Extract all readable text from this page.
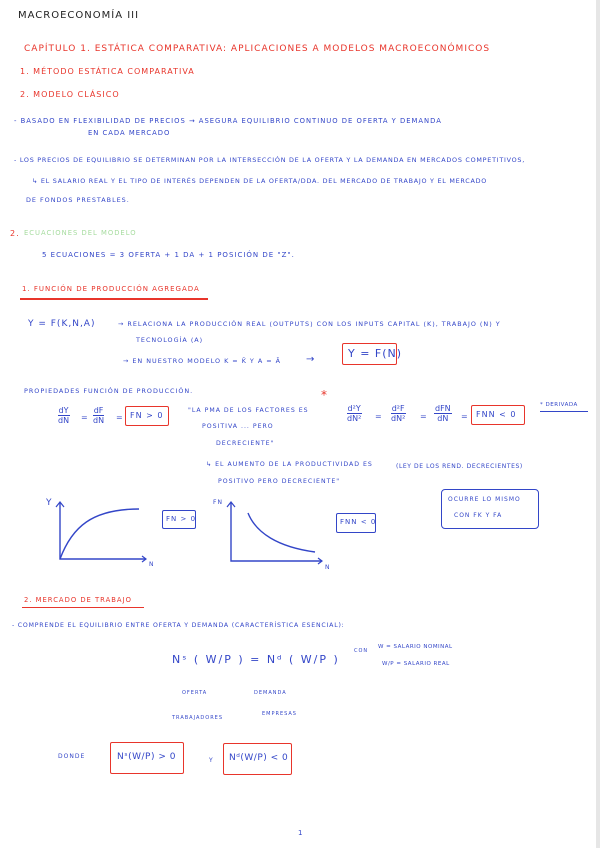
MACROECONOMÍA III
CAPÍTULO 1. ESTÁTICA COMPARATIVA: APLICACIONES A MODELOS MACROECONÓMICOS
1. MÉTODO ESTÁTICA COMPARATIVA
2. MODELO CLÁSICO
- BASADO EN FLEXIBILIDAD DE PRECIOS → ASEGURA EQUILIBRIO CONTINUO DE OFERTA Y DEMANDA
EN CADA MERCADO
- LOS PRECIOS DE EQUILIBRIO SE DETERMINAN POR LA INTERSECCIÓN DE LA OFERTA Y LA DEMANDA EN MERCADOS COMPETITIVOS,
↳ EL SALARIO REAL Y EL TIPO DE INTERÉS DEPENDEN DE LA OFERTA/DDA. DEL MERCADO DE TRABAJO Y EL MERCADO
DE FONDOS PRESTABLES.
2. ECUACIONES DEL MODELO
5 ECUACIONES = 3 OFERTA + 1 DA + 1 POSICIÓN DE "Z".
1. FUNCIÓN DE PRODUCCIÓN AGREGADA
Y = F(K,N,A)	→ RELACIONA LA PRODUCCIÓN REAL (OUTPUTS) CON LOS INPUTS CAPITAL (K), TRABAJO (N) Y
TECNOLOGÍA (A)
→ EN NUESTRO MODELO K = K̄ Y A = Ā →	Y = F(N)
PROPIEDADES FUNCIÓN DE PRODUCCIÓN.
$\frac{dY}{dN} = \frac{dF}{dN}$ = FN > 0
"LA PMA DE LOS FACTORES ES
POSITIVA ... PERO
DECRECIENTE"
*
$\frac{\text{d²Y}}{\text{dN²}} = \frac{\text{d²F}}{\text{dN²}}$ =
dFN
dN = FNN < 0
* DERIVADA
↳ EL AUMENTO DE LA PRODUCTIVIDAD ES
POSITIVO PERO DECRECIENTE"
(LEY DE LOS REND. DECRECIENTES)
Y
N
FN > 0
FN
N
FNN < 0
OCURRE LO MISMO
CON FK Y FA
2. MERCADO DE TRABAJO
- COMPRENDE EL EQUILIBRIO ENTRE OFERTA Y DEMANDA (CARACTERÍSTICA ESENCIAL):
Nˢ ( W/P ) = Nᵈ ( W/P )
CON
W = SALARIO NOMINAL
W/P = SALARIO REAL
OFERTA
TRABAJADORES
DEMANDA
EMPRESAS
DONDE	Nˢ(W/P) > 0	Y Nᵈ(W/P) < 0
1
